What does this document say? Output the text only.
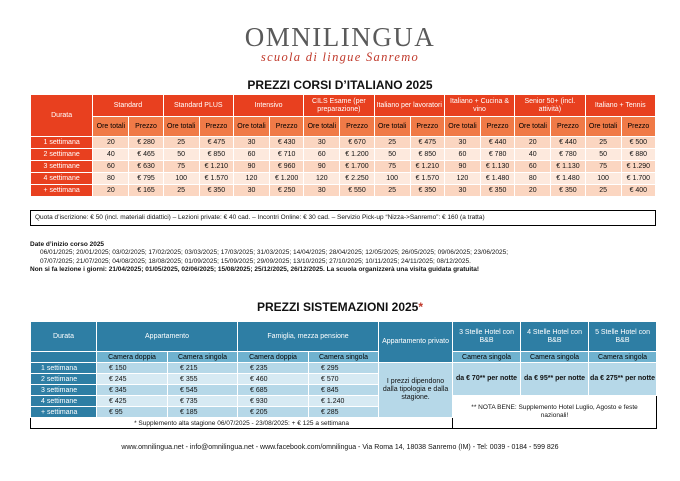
OMNILINGUA
scuola di lingue Sanremo
PREZZI CORSI D’ITALIANO 2025
Durata	Standard		Standard PLUS		Intensivo		CILS Esame (per preparazione)		Italiano per lavoratori		Italiano + Cucina & vino		Senior 50+ (incl. attività)		Italiano + Tennis	
	Ore totali	Prezzo	Ore totali	Prezzo	Ore totali	Prezzo	Ore totali	Prezzo	Ore totali	Prezzo	Ore totali	Prezzo	Ore totali	Prezzo	Ore totali	Prezzo
1 settimana	20	€ 280	25	€ 475	30	€ 430	30	€ 670	25	€ 475	30	€ 440	20	€ 440	25	€ 500
2 settimane	40	€ 465	50	€ 850	60	€ 710	60	€ 1.200	50	€ 850	60	€ 780	40	€ 780	50	€ 880
3 settimane	60	€ 630	75	€ 1.210	90	€ 960	90	€ 1.700	75	€ 1.210	90	€ 1.130	60	€ 1.130	75	€ 1.290
4 settimane	80	€ 795	100	€ 1.570	120	€ 1.200	120	€ 2.250	100	€ 1.570	120	€ 1.480	80	€ 1.480	100	€ 1.700
+ settimana	20	€ 165	25	€ 350	30	€ 250	30	€ 550	25	€ 350	30	€ 350	20	€ 350	25	€ 400
Quota d’iscrizione: € 50 (incl. materiali didattici) – Lezioni private: € 40 cad. – Incontri Online: € 30 cad. – Servizio Pick-up “Nizza->Sanremo”: € 160 (a tratta)
Date d’inizio corso 2025
06/01/2025; 20/01/2025; 03/02/2025; 17/02/2025; 03/03/2025; 17/03/2025; 31/03/2025; 14/04/2025; 28/04/2025; 12/05/2025; 26/05/2025; 09/06/2025; 23/06/2025;
07/07/2025; 21/07/2025; 04/08/2025; 18/08/2025; 01/09/2025; 15/09/2025; 29/09/2025; 13/10/2025; 27/10/2025; 10/11/2025; 24/11/2025; 08/12/2025.
Non si fa lezione i giorni: 21/04/2025; 01/05/2025, 02/06/2025; 15/08/2025; 25/12/2025, 26/12/2025. La scuola organizzerà una visita guidata gratuita!
PREZZI SISTEMAZIONI 2025*
Durata	Appartamento		Famiglia, mezza pensione		Appartamento privato	3 Stelle Hotel con B&B	4 Stelle Hotel con B&B	5 Stelle Hotel con B&B

	Camera doppia	Camera singola	Camera doppia	Camera singola		Camera singola	Camera singola	Camera singola
1 settimana	€ 150	€ 215	€ 235	€ 295	I prezzi dipendono dalla tipologia e dalla stagione.	da € 70** per notte	da € 95** per notte	da € 275** per notte
2 settimane	€ 245	€ 355	€ 460	€ 570				
3 settimane	€ 345	€ 545	€ 685	€ 845				
4 settimane	€ 425	€ 735	€ 930	€ 1.240		** NOTA BENE: Supplemento Hotel Luglio, Agosto e feste nazionali!		
+ settimana	€ 95	€ 185	€ 205	€ 285				
* Supplemento alta stagione 06/07/2025 - 23/08/2025: + € 125 a settimana								
www.omnilingua.net - info@omnilingua.net - www.facebook.com/omnilingua - Via Roma 14, 18038 Sanremo (IM) - Tel: 0039 - 0184 - 599 826
